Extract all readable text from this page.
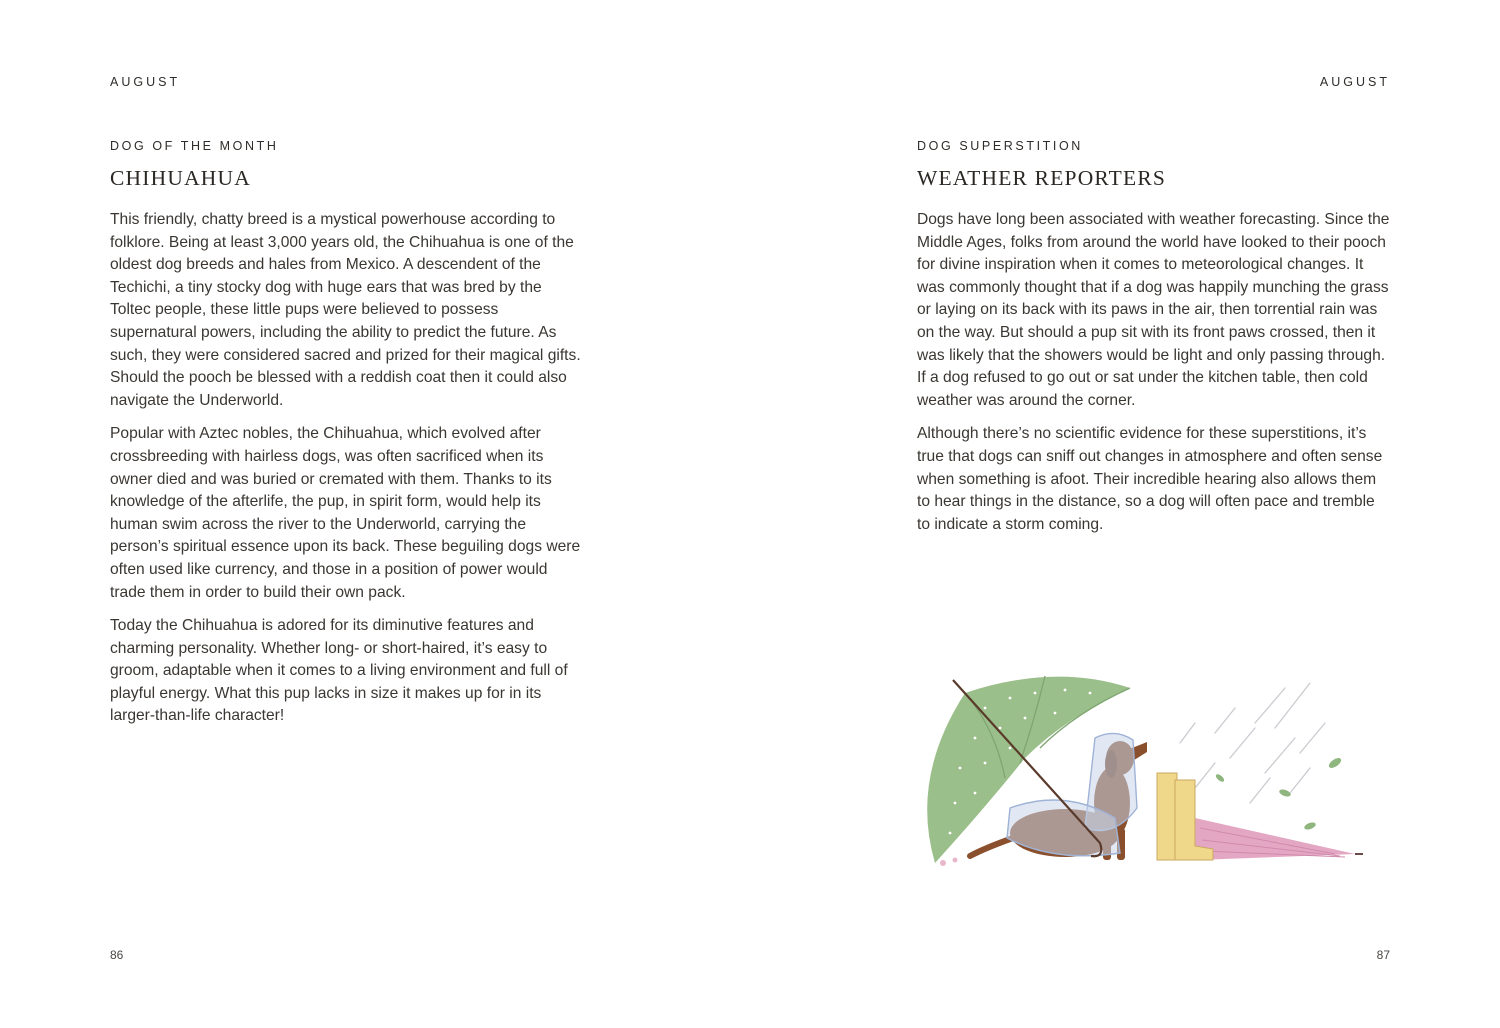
AUGUST
DOG OF THE MONTH
CHIHUAHUA

This friendly, chatty breed is a mystical powerhouse according to folklore. Being at least 3,000 years old, the Chihuahua is one of the oldest dog breeds and hales from Mexico. A descendent of the Techichi, a tiny stocky dog with huge ears that was bred by the Toltec people, these little pups were believed to possess supernatural powers, including the ability to predict the future. As such, they were considered sacred and prized for their magical gifts. Should the pooch be blessed with a reddish coat then it could also navigate the Underworld.

Popular with Aztec nobles, the Chihuahua, which evolved after crossbreeding with hairless dogs, was often sacrificed when its owner died and was buried or cremated with them. Thanks to its knowledge of the afterlife, the pup, in spirit form, would help its human swim across the river to the Underworld, carrying the person’s spiritual essence upon its back. These beguiling dogs were often used like currency, and those in a position of power would trade them in order to build their own pack.

Today the Chihuahua is adored for its diminutive features and charming personality. Whether long- or short-haired, it’s easy to groom, adaptable when it comes to a living environment and full of playful energy. What this pup lacks in size it makes up for in its larger-than-life character!

86
AUGUST
DOG SUPERSTITION
WEATHER REPORTERS

Dogs have long been associated with weather forecasting. Since the Middle Ages, folks from around the world have looked to their pooch for divine inspiration when it comes to meteorological changes. It was commonly thought that if a dog was happily munching the grass or laying on its back with its paws in the air, then torrential rain was on the way. But should a pup sit with its front paws crossed, then it was likely that the showers would be light and only passing through. If a dog refused to go out or sat under the kitchen table, then cold weather was around the corner.

Although there’s no scientific evidence for these superstitions, it’s true that dogs can sniff out changes in atmosphere and often sense when something is afoot. Their incredible hearing also allows them to hear things in the distance, so a dog will often pace and tremble to indicate a storm coming.

87
